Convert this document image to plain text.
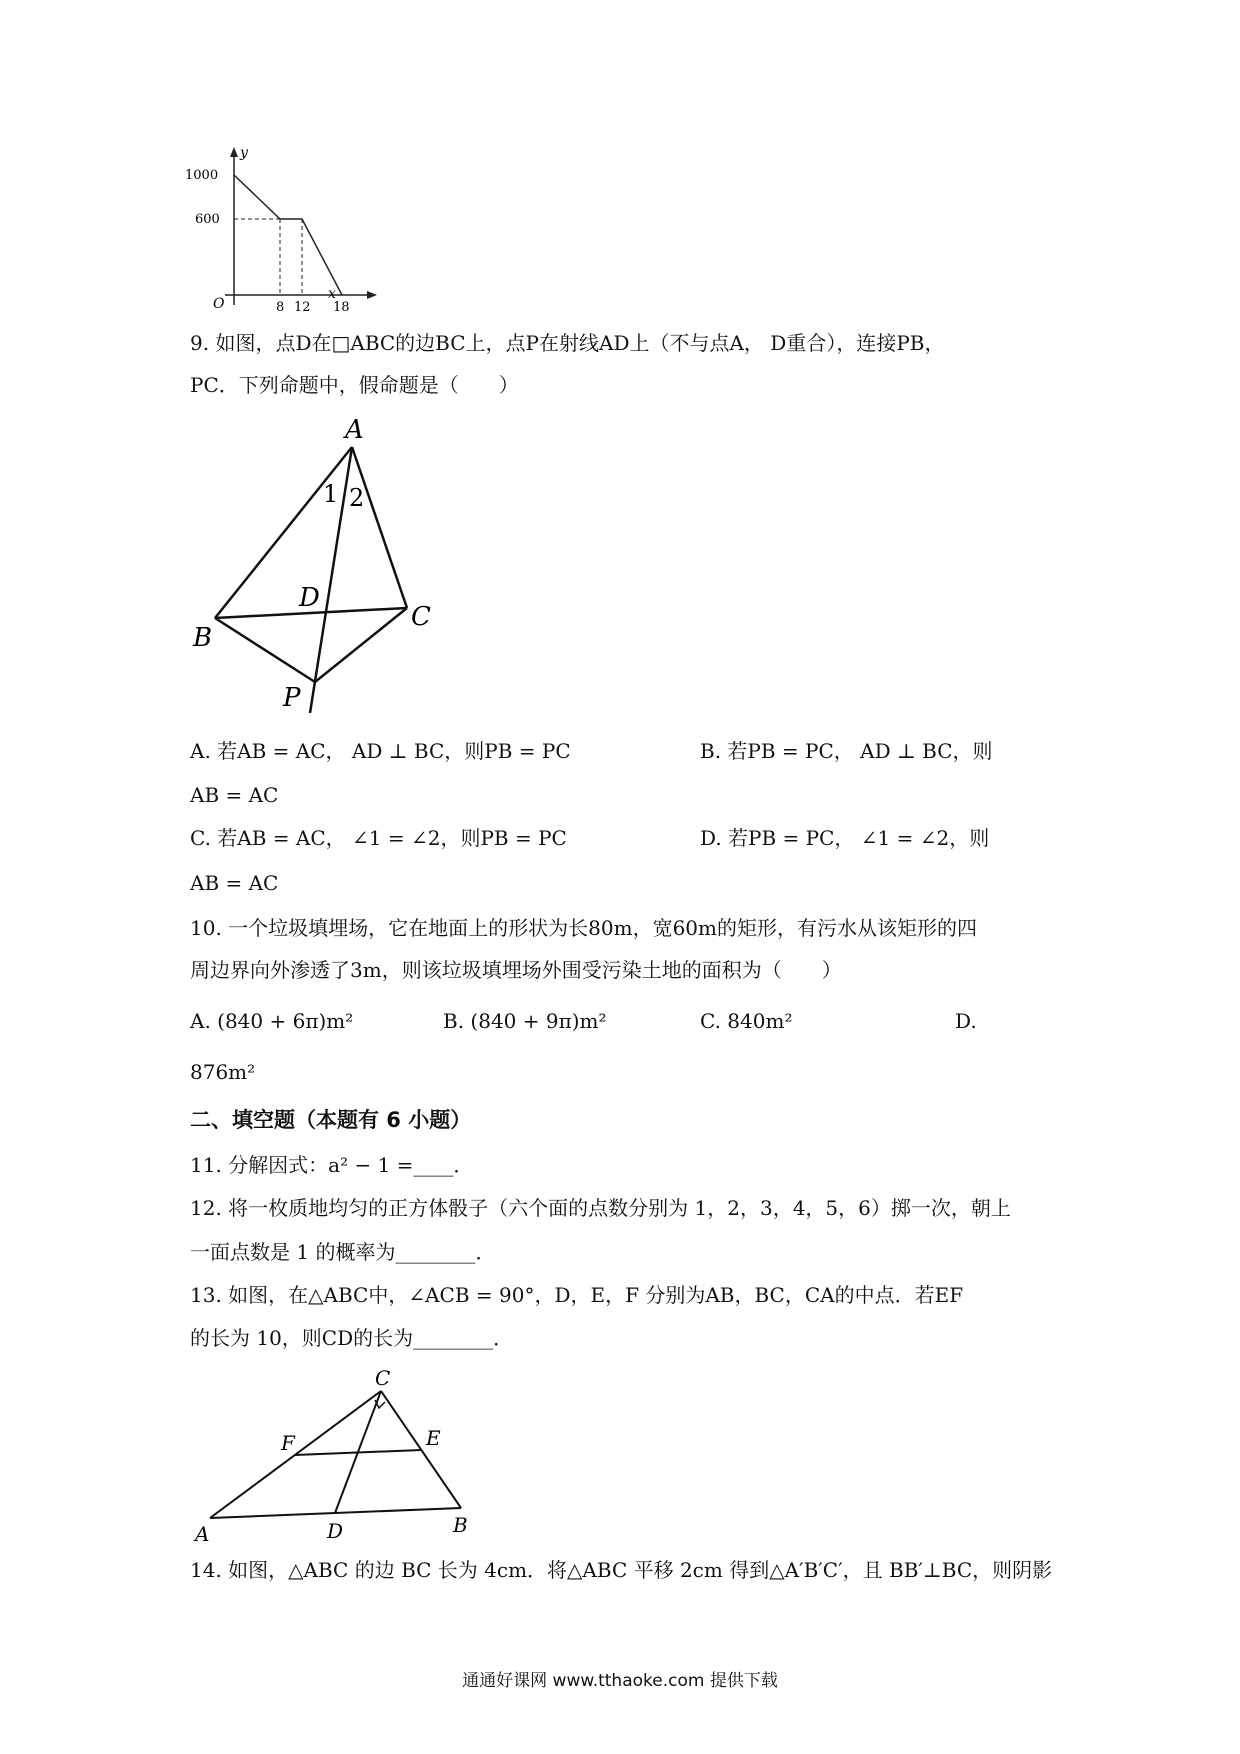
y
x
O
1000
600
8 12 18
9. 如图，点D在□ABC的边BC上，点P在射线AD上（不与点A， D重合），连接PB，
PC．下列命题中，假命题是（　　）
A
B
C
D
P
1 2
A. 若AB = AC， AD ⊥ BC，则PB = PC	B. 若PB = PC， AD ⊥ BC，则
AB = AC
C. 若AB = AC， ∠1 = ∠2，则PB = PC	D. 若PB = PC， ∠1 = ∠2，则
AB = AC
10. 一个垃圾填埋场，它在地面上的形状为长80m，宽60m的矩形，有污水从该矩形的四
周边界向外渗透了3m，则该垃圾填埋场外围受污染土地的面积为（　　）
A. (840 + 6π)m²	B. (840 + 9π)m²	C. 840m²	D.
876m²
二、填空题（本题有 6 小题）
11. 分解因式：a² − 1 =____．
12. 将一枚质地均匀的正方体骰子（六个面的点数分别为 1，2，3，4，5，6）掷一次，朝上
一面点数是 1 的概率为________．
13. 如图，在△ABC中，∠ACB = 90°，D，E，F 分别为AB，BC，CA的中点．若EF
的长为 10，则CD的长为________．
C
F	E
A	D	B
14. 如图，△ABC 的边 BC 长为 4cm．将△ABC 平移 2cm 得到△A′B′C′，且 BB′⊥BC，则阴影
通通好课网 www.tthaoke.com 提供下载
